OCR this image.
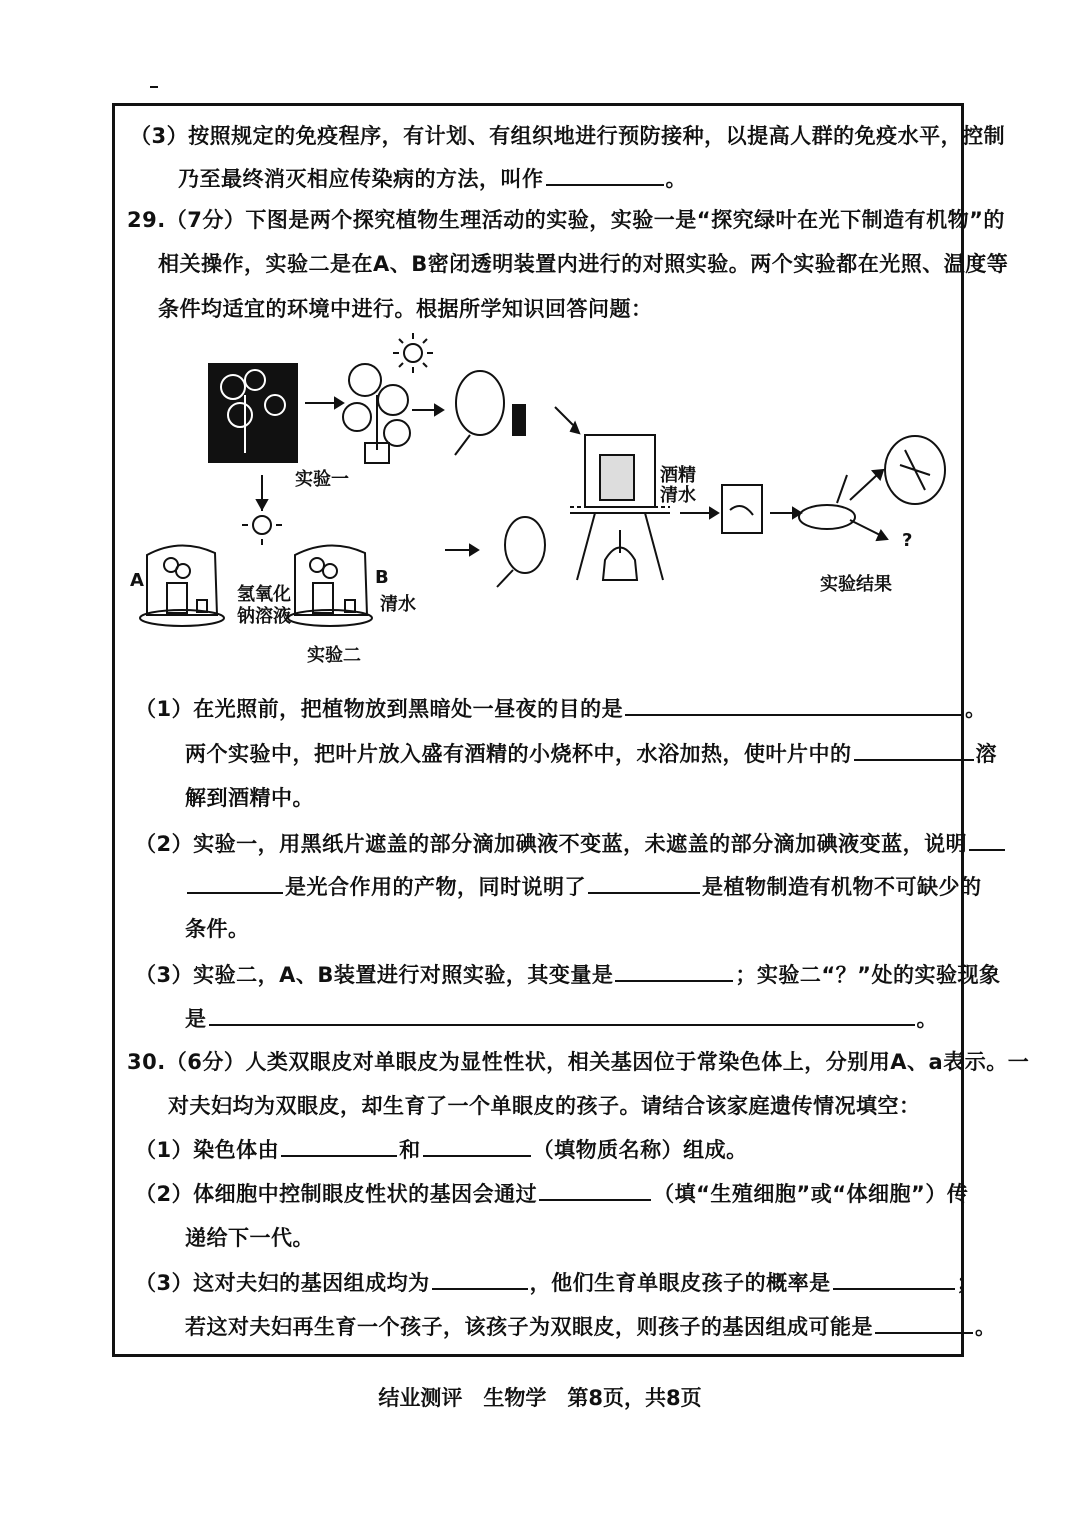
（3）按照规定的免疫程序，有计划、有组织地进行预防接种，以提高人群的免疫水平，控制
乃至最终消灭相应传染病的方法，叫作	。
29.（7分）下图是两个探究植物生理活动的实验，实验一是“探究绿叶在光下制造有机物”的
相关操作，实验二是在A、B密闭透明装置内进行的对照实验。两个实验都在光照、温度等
条件均适宜的环境中进行。根据所学知识回答问题：
实验一
实验二
实验结果
酒精
清水
A	B
氢氧化
钠溶液
清水
?
（1）在光照前，把植物放到黑暗处一昼夜的目的是	。
两个实验中，把叶片放入盛有酒精的小烧杯中，水浴加热，使叶片中的	溶
解到酒精中。
（2）实验一，用黑纸片遮盖的部分滴加碘液不变蓝，未遮盖的部分滴加碘液变蓝，说明
是光合作用的产物，同时说明了	是植物制造有机物不可缺少的
条件。
（3）实验二，A、B装置进行对照实验，其变量是	；实验二“？”处的实验现象
是	。
30.（6分）人类双眼皮对单眼皮为显性性状，相关基因位于常染色体上，分别用A、a表示。一
对夫妇均为双眼皮，却生育了一个单眼皮的孩子。请结合该家庭遗传情况填空：
（1）染色体由	和	（填物质名称）组成。
（2）体细胞中控制眼皮性状的基因会通过	（填“生殖细胞”或“体细胞”）传
递给下一代。
（3）这对夫妇的基因组成均为	，他们生育单眼皮孩子的概率是	；
若这对夫妇再生育一个孩子，该孩子为双眼皮，则孩子的基因组成可能是	。
结业测评　生物学　第8页，共8页
